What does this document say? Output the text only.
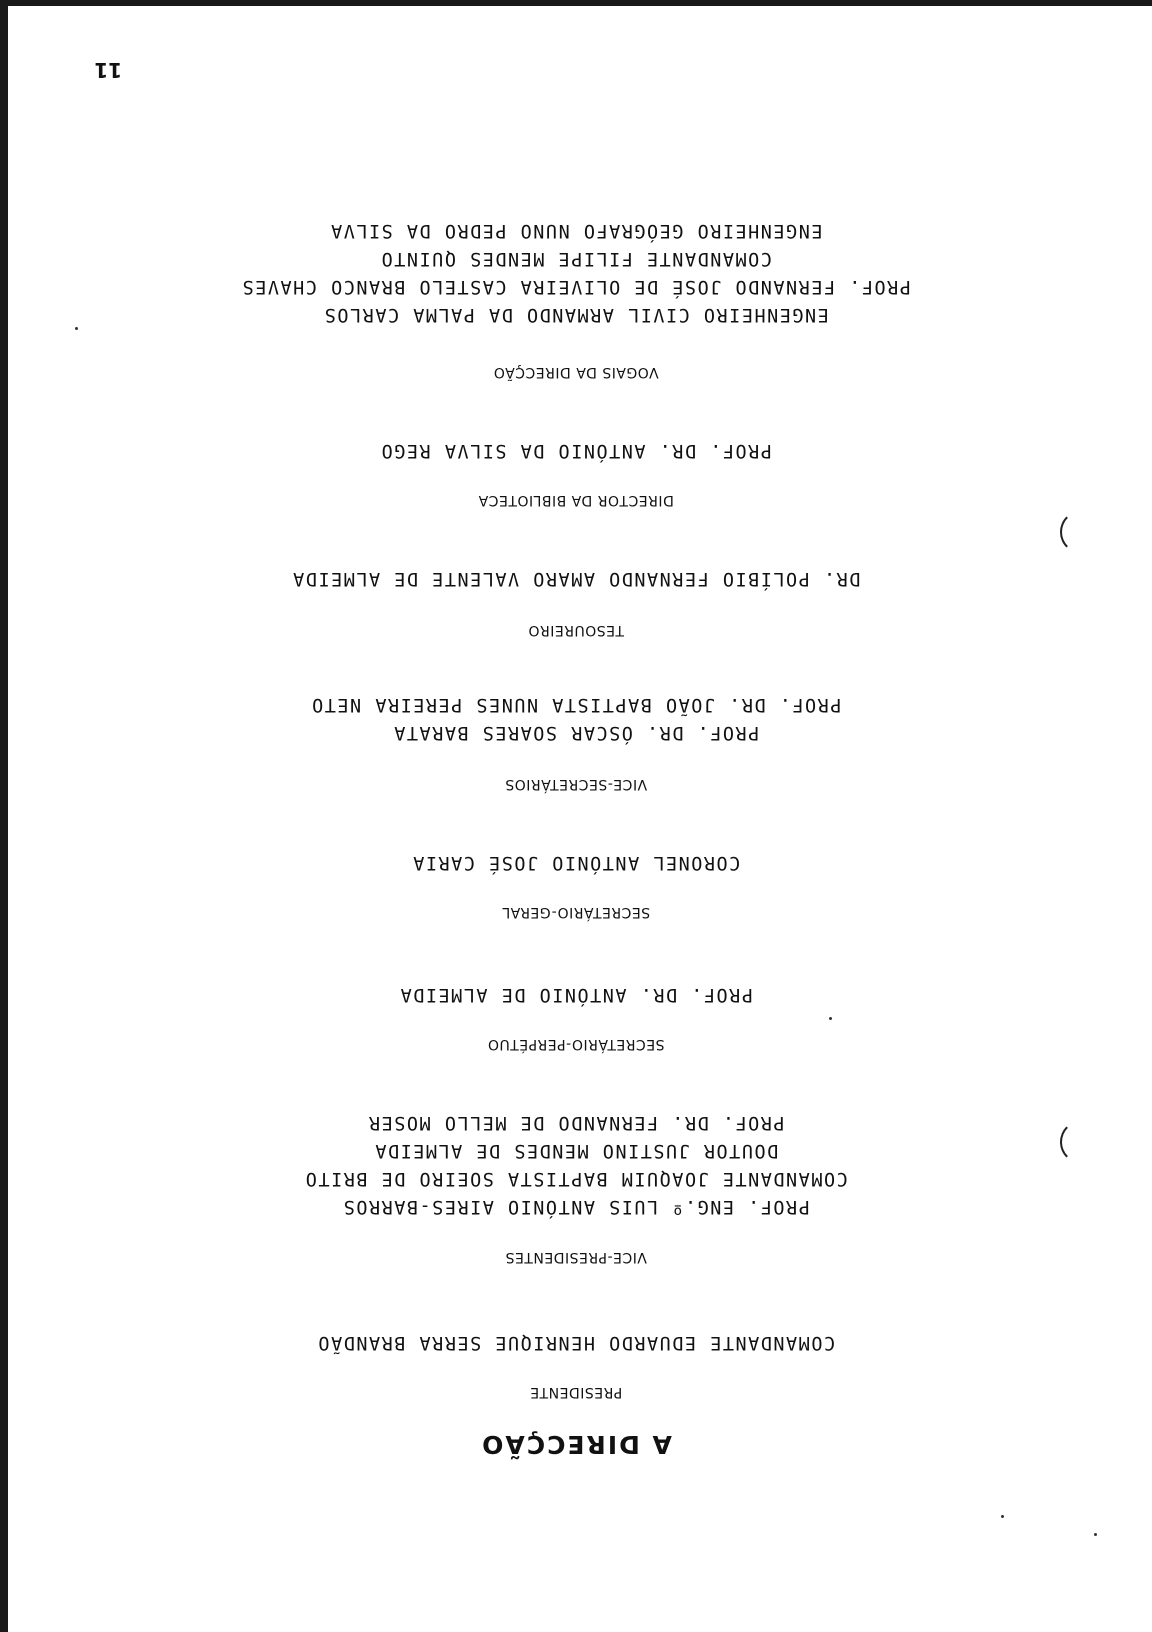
11
A DIRECÇÃO
PRESIDENTE
COMANDANTE EDUARDO HENRIQUE SERRA BRANDÃO
VICE-PRESIDENTES
PROF. ENG.º LUIS ANTÓNIO AIRES-BARROS
COMANDANTE JOAQUIM BAPTISTA SOEIRO DE BRITO
DOUTOR JUSTINO MENDES DE ALMEIDA
PROF. DR. FERNANDO DE MELLO MOSER
SECRETÁRIO-PERPÉTUO
PROF. DR. ANTÓNIO DE ALMEIDA
SECRETÁRIO-GERAL
CORONEL ANTÓNIO JOSÉ CARIA
VICE-SECRETÁRIOS
PROF. DR. ÓSCAR SOARES BARATA
PROF. DR. JOÃO BAPTISTA NUNES PEREIRA NETO
TESOUREIRO
DR. POLÍBIO FERNANDO AMARO VALENTE DE ALMEIDA
DIRECTOR DA BIBLIOTECA
PROF. DR. ANTÓNIO DA SILVA REGO
VOGAIS DA DIRECÇÃO
ENGENHEIRO CIVIL ARMANDO DA PALMA CARLOS
PROF. FERNANDO JOSÉ DE OLIVEIRA CASTELO BRANCO CHAVES
COMANDANTE FILIPE MENDES QUINTO
ENGENHEIRO GEÓGRAFO NUNO PEDRO DA SILVA
